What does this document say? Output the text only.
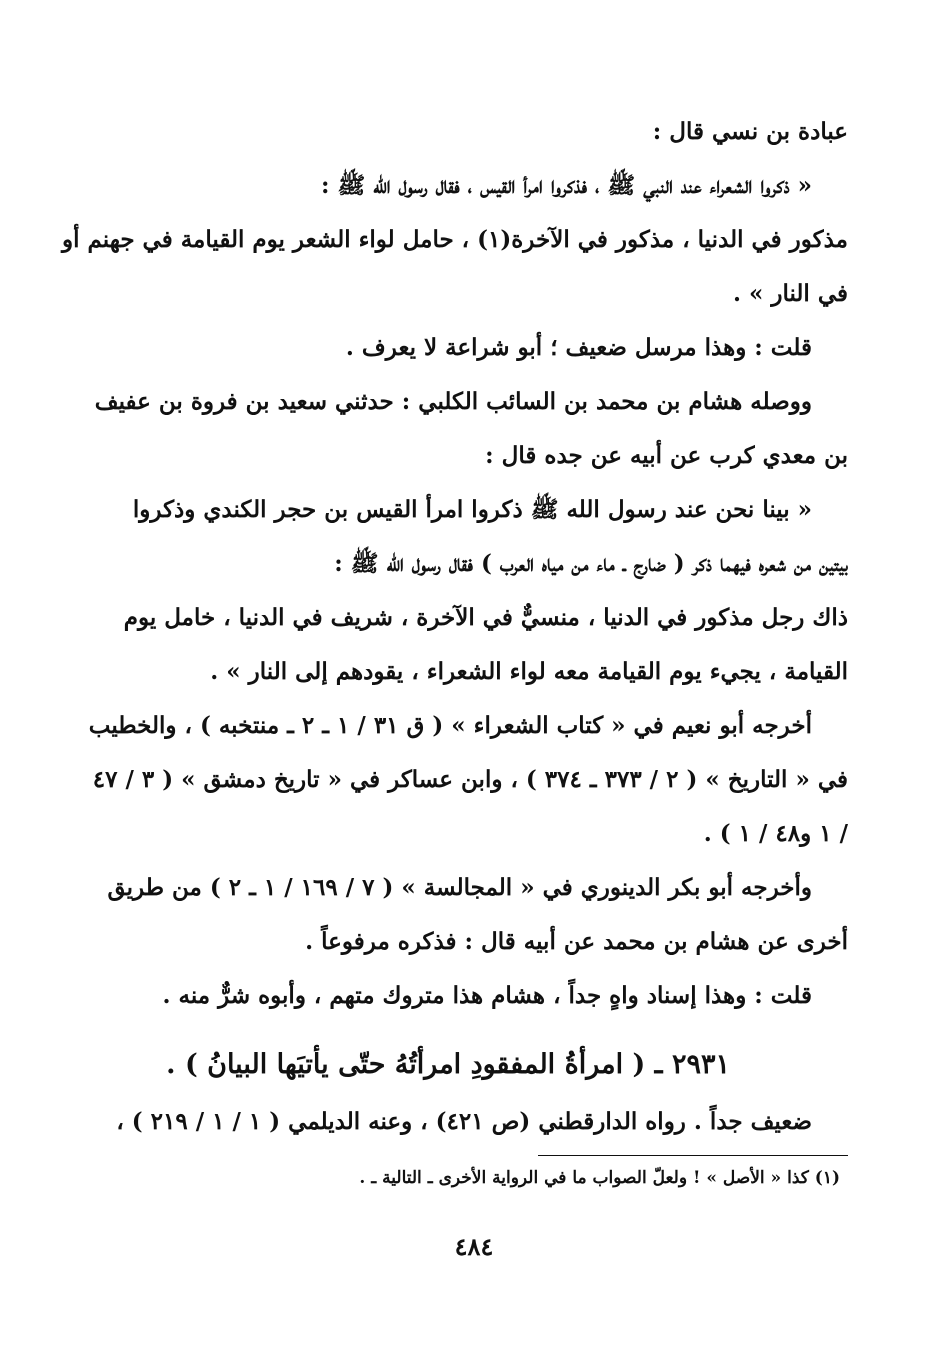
عبادة بن نسي قال :
« ذكروا الشعراء عند النبي ﷺ ، فذكروا امرأ القيس ، فقال رسول الله ﷺ :
مذكور في الدنيا ، مذكور في الآخرة(١) ، حامل لواء الشعر يوم القيامة في جهنم أو
في النار » .
قلت : وهذا مرسل ضعيف ؛ أبو شراعة لا يعرف .
ووصله هشام بن محمد بن السائب الكلبي : حدثني سعيد بن فروة بن عفيف
بن معدي كرب عن أبيه عن جده قال :
« بينا نحن عند رسول الله ﷺ ذكروا امرأ القيس بن حجر الكندي وذكروا
بيتين من شعره فيهما ذكر ( ضارج ـ ماء من مياه العرب ) فقال رسول الله ﷺ :
ذاك رجل مذكور في الدنيا ، منسيٌّ في الآخرة ، شريف في الدنيا ، خامل يوم
القيامة ، يجيء يوم القيامة معه لواء الشعراء ، يقودهم إلى النار » .
أخرجه أبو نعيم في « كتاب الشعراء » ( ق ٣١ / ١ ـ ٢ ـ منتخبه ) ، والخطيب
في « التاريخ » ( ٢ / ٣٧٣ ـ ٣٧٤ ) ، وابن عساكر في « تاريخ دمشق » ( ٣ / ٤٧
/ ١ و٤٨ / ١ ) .
وأخرجه أبو بكر الدينوري في « المجالسة » ( ٧ / ١٦٩ / ١ ـ ٢ ) من طريق
أخرى عن هشام بن محمد عن أبيه قال : فذكره مرفوعاً .
قلت : وهذا إسناد واهٍ جداً ، هشام هذا متروك متهم ، وأبوه شرٌّ منه .
٢٩٣١ ـ ( امرأةُ المفقودِ امرأتُهُ حتّى يأتيَها البيانُ ) .
ضعيف جداً . رواه الدارقطني (ص ٤٢١) ، وعنه الديلمي ( ١ / ١ / ٢١٩ ) ،
(١) كذا « الأصل » ! ولعلّ الصواب ما في الرواية الأخرى ـ التالية ـ .
٤٨٤
